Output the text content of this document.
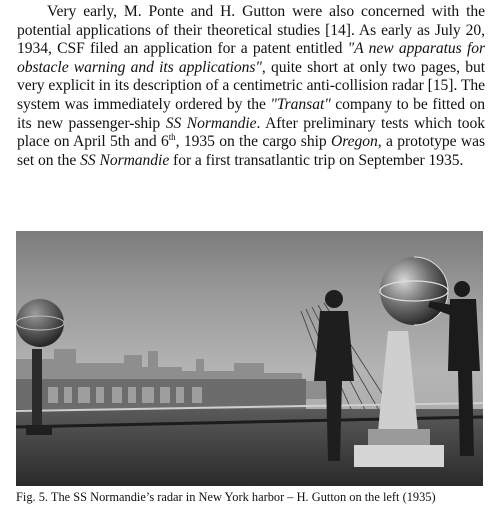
Very early, M. Ponte and H. Gutton were also concerned with the potential applications of their theoretical studies [14]. As early as July 20, 1934, CSF filed an application for a patent entitled "A new apparatus for obstacle warning and its applications", quite short at only two pages, but very explicit in its description of a centimetric anti-collision radar [15]. The system was immediately ordered by the "Transat" company to be fitted on its new passenger-ship SS Normandie. After preliminary tests which took place on April 5th and 6th, 1935 on the cargo ship Oregon, a prototype was set on the SS Normandie for a first transatlantic trip on September 1935.

Fig. 5. The SS Normandie’s radar in New York harbor – H. Gutton on the left (1935)
